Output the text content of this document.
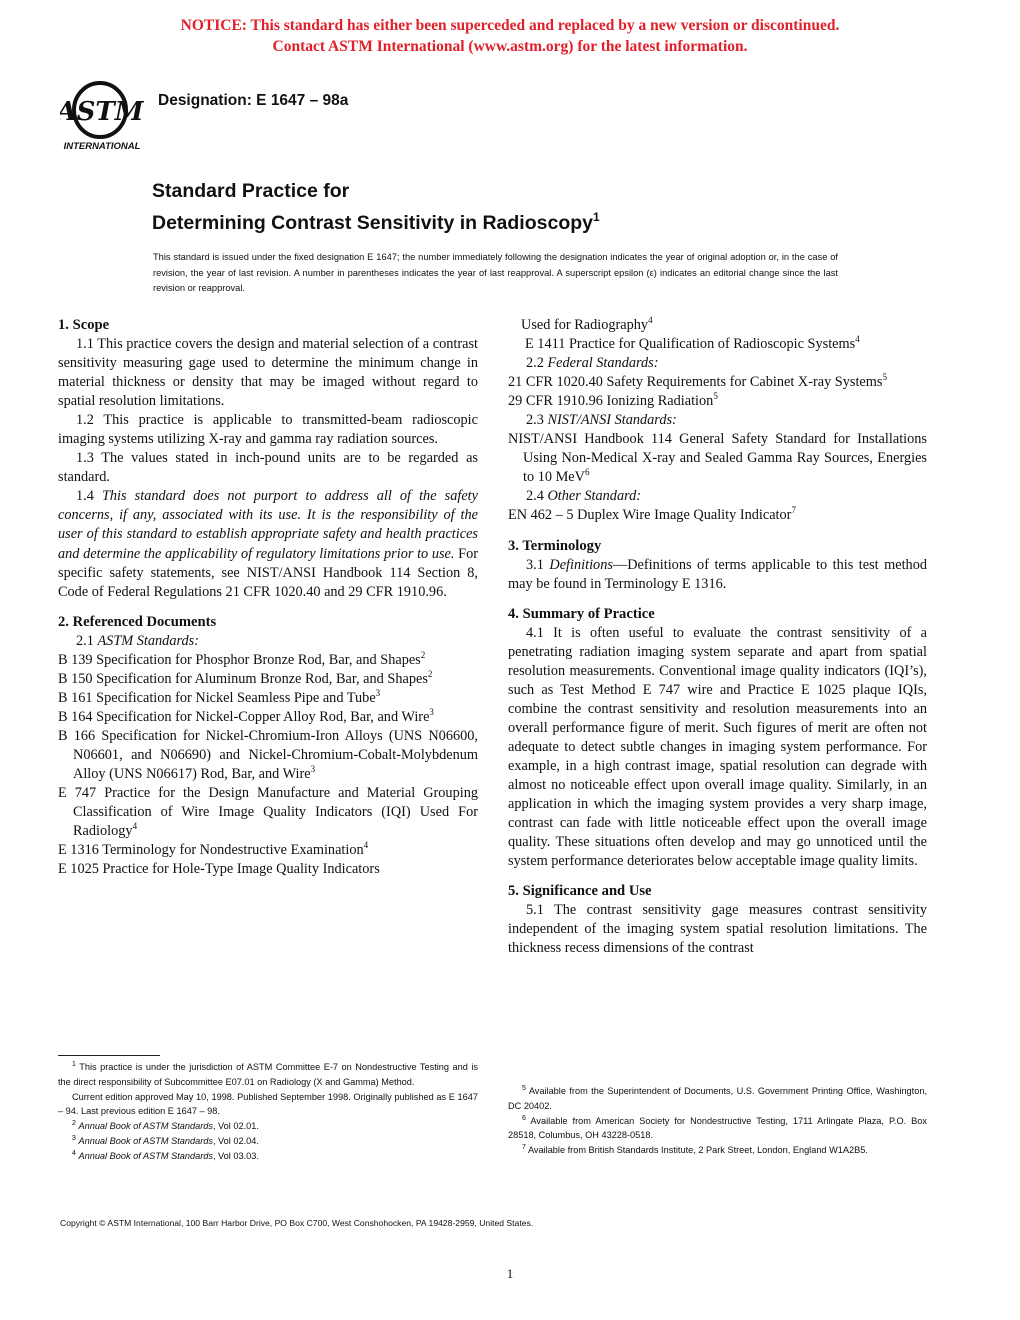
NOTICE: This standard has either been superceded and replaced by a new version or discontinued.
Contact ASTM International (www.astm.org) for the latest information.
ASTM
INTERNATIONAL
Designation: E 1647 – 98a
Standard Practice for
Determining Contrast Sensitivity in Radioscopy$^1$
This standard is issued under the fixed designation E 1647; the number immediately following the designation indicates the year of original adoption or, in the case of revision, the year of last revision. A number in parentheses indicates the year of last reapproval. A superscript epsilon (ε) indicates an editorial change since the last revision or reapproval.
1. Scope

1.1 This practice covers the design and material selection of a contrast sensitivity measuring gage used to determine the minimum change in material thickness or density that may be imaged without regard to spatial resolution limitations.

1.2 This practice is applicable to transmitted-beam radioscopic imaging systems utilizing X-ray and gamma ray radiation sources.

1.3 The values stated in inch-pound units are to be regarded as standard.

1.4 This standard does not purport to address all of the safety concerns, if any, associated with its use. It is the responsibility of the user of this standard to establish appropriate safety and health practices and determine the applicability of regulatory limitations prior to use. For specific safety statements, see NIST/ANSI Handbook 114 Section 8, Code of Federal Regulations 21 CFR 1020.40 and 29 CFR 1910.96.

2. Referenced Documents

2.1 ASTM Standards:

B 139 Specification for Phosphor Bronze Rod, Bar, and Shapes$^2$

B 150 Specification for Aluminum Bronze Rod, Bar, and Shapes$^2$

B 161 Specification for Nickel Seamless Pipe and Tube$^3$

B 164 Specification for Nickel-Copper Alloy Rod, Bar, and Wire$^3$

B 166 Specification for Nickel-Chromium-Iron Alloys (UNS N06600, N06601, and N06690) and Nickel-Chromium-Cobalt-Molybdenum Alloy (UNS N06617) Rod, Bar, and Wire$^3$

E 747 Practice for the Design Manufacture and Material Grouping Classification of Wire Image Quality Indicators (IQI) Used For Radiology$^4$

E 1316 Terminology for Nondestructive Examination$^4$

E 1025 Practice for Hole-Type Image Quality Indicators

Used for Radiography$^4$

E 1411 Practice for Qualification of Radioscopic Systems$^4$

2.2 Federal Standards:

21 CFR 1020.40 Safety Requirements for Cabinet X-ray Systems$^5$

29 CFR 1910.96 Ionizing Radiation$^5$

2.3 NIST/ANSI Standards:

NIST/ANSI Handbook 114 General Safety Standard for Installations Using Non-Medical X-ray and Sealed Gamma Ray Sources, Energies to 10 MeV$^6$

2.4 Other Standard:

EN 462 – 5 Duplex Wire Image Quality Indicator$^7$

3. Terminology

3.1 Definitions—Definitions of terms applicable to this test method may be found in Terminology E 1316.

4. Summary of Practice

4.1 It is often useful to evaluate the contrast sensitivity of a penetrating radiation imaging system separate and apart from spatial resolution measurements. Conventional image quality indicators (IQI’s), such as Test Method E 747 wire and Practice E 1025 plaque IQIs, combine the contrast sensitivity and resolution measurements into an overall performance figure of merit. Such figures of merit are often not adequate to detect subtle changes in imaging system performance. For example, in a high contrast image, spatial resolution can degrade with almost no noticeable effect upon overall image quality. Similarly, in an application in which the imaging system provides a very sharp image, contrast can fade with little noticeable effect upon the overall image quality. These situations often develop and may go unnoticed until the system performance deteriorates below acceptable image quality limits.

5. Significance and Use

5.1 The contrast sensitivity gage measures contrast sensitivity independent of the imaging system spatial resolution limitations. The thickness recess dimensions of the contrast

$^1$ This practice is under the jurisdiction of ASTM Committee E-7 on Nondestructive Testing and is the direct responsibility of Subcommittee E07.01 on Radiology (X and Gamma) Method.

Current edition approved May 10, 1998. Published September 1998. Originally published as E 1647 – 94. Last previous edition E 1647 – 98.

$^2$ Annual Book of ASTM Standards, Vol 02.01.

$^3$ Annual Book of ASTM Standards, Vol 02.04.

$^4$ Annual Book of ASTM Standards, Vol 03.03.

$^5$ Available from the Superintendent of Documents, U.S. Government Printing Office, Washington, DC 20402.

$^6$ Available from American Society for Nondestructive Testing, 1711 Arlingate Plaza, P.O. Box 28518, Columbus, OH 43228-0518.

$^7$ Available from British Standards Institute, 2 Park Street, London, England W1A2B5.

Copyright © ASTM International, 100 Barr Harbor Drive, PO Box C700, West Conshohocken, PA 19428-2959, United States.
1
